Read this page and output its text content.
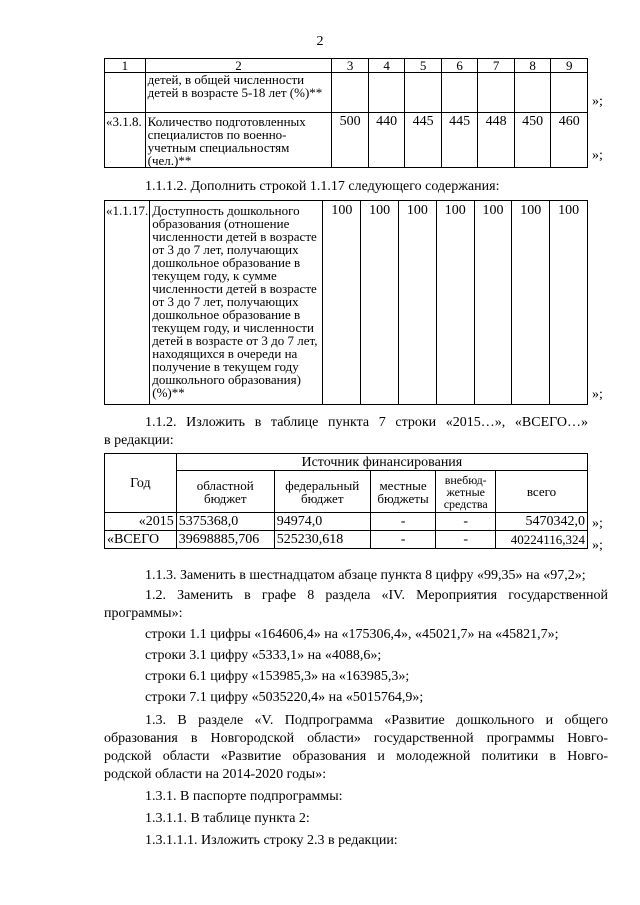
2
1	2	3	4	5	6	7	8	9
	детей, в общей численности детей в возрасте 5-18 лет (%)**							
«3.1.8.	Количество подготовленных специалистов по военно-учетным специальностям (чел.)**	500	440	445	445	448	450	460
»;
»;
1.1.1.2. Дополнить строкой 1.1.17 следующего содержания:
«1.1.17.	Доступность дошкольного образования (отношение численности детей в возрасте от 3 до 7 лет, получающих дошкольное образование в текущем году, к сумме численности детей в возрасте от 3 до 7 лет, получающих дошкольное образование в текущем году, и численности детей в возрасте от 3 до 7 лет, находящихся в очереди на получение в текущем году дошкольного образования) (%)**	100	100	100	100	100	100	100
»;
1.1.2. Изложить в таблице пункта 7 строки «2015…», «ВСЕГО…»
в редакции:
Год	Источник финансирования				
	областной бюджет	федеральный бюджет	местные бюджеты	внебюд-жетные средства	всего
«2015	5375368,0	94974,0	-	-	5470342,0
«ВСЕГО	39698885,706	525230,618	-	-	40224116,324
»;
»;
1.1.3. Заменить в шестнадцатом абзаце пункта 8 цифру «99,35» на «97,2»;
1.2. Заменить в графе 8 раздела «IV. Мероприятия государственной
программы»:
строки 1.1 цифры «164606,4» на «175306,4», «45021,7» на «45821,7»;
строки 3.1 цифру «5333,1» на «4088,6»;
строки 6.1 цифру «153985,3» на «163985,3»;
строки 7.1 цифру «5035220,4» на «5015764,9»;
1.3. В разделе «V. Подпрограмма «Развитие дошкольного и общего
образования в Новгородской области» государственной программы Новго-
родской области «Развитие образования и молодежной политики в Новго-
родской области на 2014-2020 годы»:
1.3.1. В паспорте подпрограммы:
1.3.1.1. В таблице пункта 2:
1.3.1.1.1. Изложить строку 2.3 в редакции:
